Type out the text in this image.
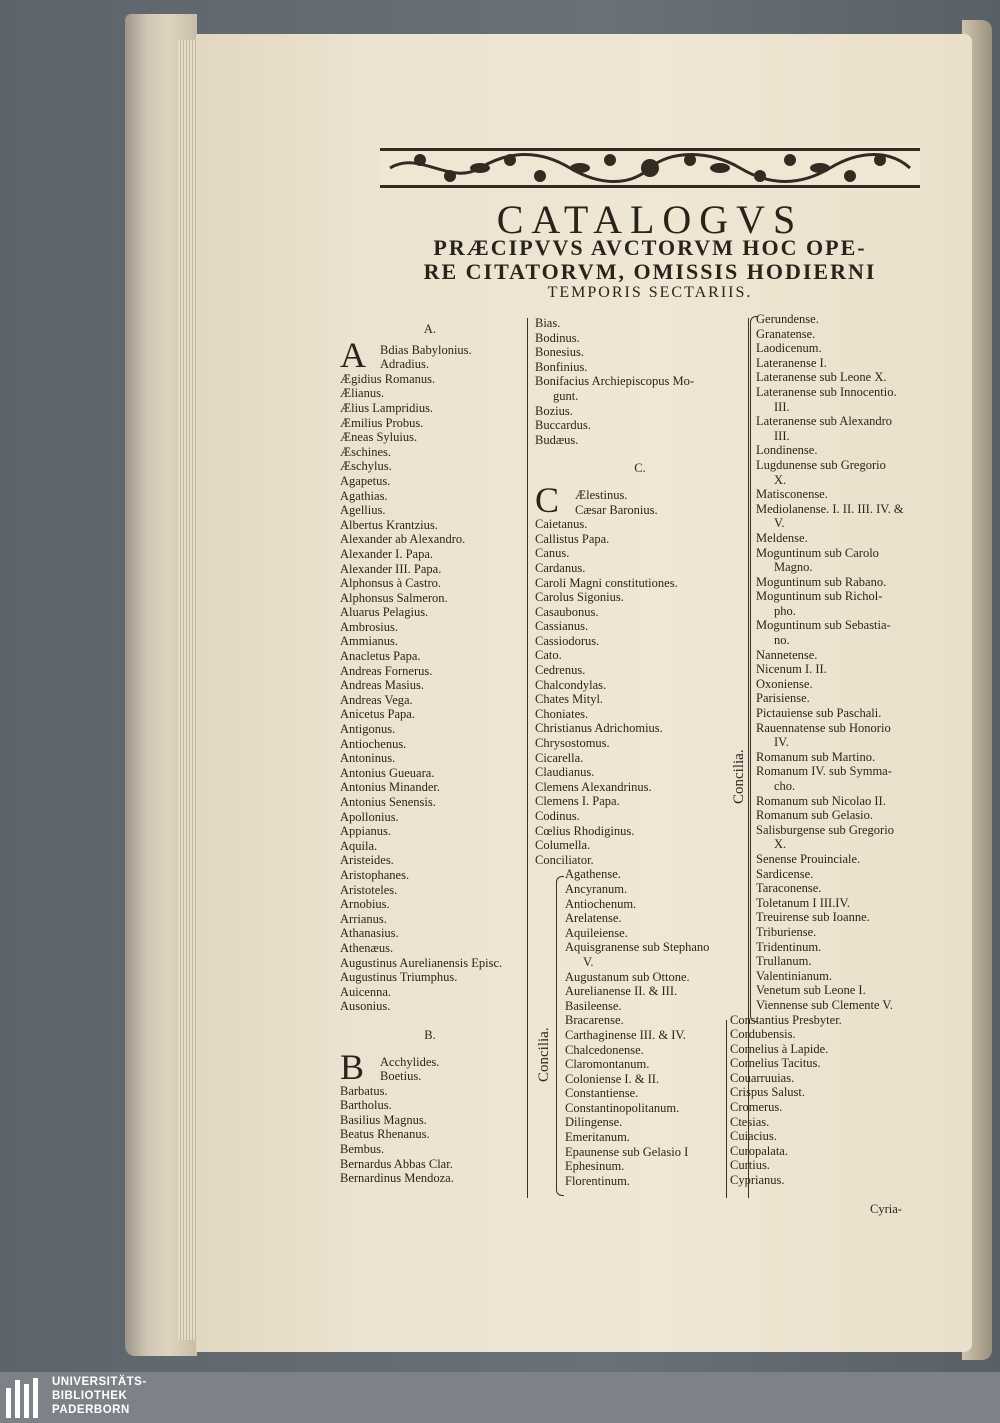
CATALOGVS
PRÆCIPVVS AVCTORVM HOC OPE-
RE CITATORVM, OMISSIS HODIERNI
TEMPORIS SECTARIIS.
A.
A	Bdias Babylonius.
Adradius.
Ægidius Romanus.
Ælianus.
Ælius Lampridius.
Æmilius Probus.
Æneas Syluius.
Æschines.
Æschylus.
Agapetus.
Agathias.
Agellius.
Albertus Krantzius.
Alexander ab Alexandro.
Alexander I. Papa.
Alexander III. Papa.
Alphonsus à Castro.
Alphonsus Salmeron.
Aluarus Pelagius.
Ambrosius.
Ammianus.
Anacletus Papa.
Andreas Fornerus.
Andreas Masius.
Andreas Vega.
Anicetus Papa.
Antigonus.
Antiochenus.
Antoninus.
Antonius Gueuara.
Antonius Minander.
Antonius Senensis.
Apollonius.
Appianus.
Aquila.
Aristeides.
Aristophanes.
Aristoteles.
Arnobius.
Arrianus.
Athanasius.
Athenæus.
Augustinus Aurelianensis Episc.
Augustinus Triumphus.
Auicenna.
Ausonius.
B.
B	Acchylides.
Boetius.
Barbatus.
Bartholus.
Basilius Magnus.
Beatus Rhenanus.
Bembus.
Bernardus Abbas Clar.
Bernardinus Mendoza.
Bias.
Bodinus.
Bonesius.
Bonfinius.
Bonifacius Archiepiscopus Mo-
gunt.
Bozius.
Buccardus.
Budæus.
C.
C	Ælestinus.
Cæsar Baronius.
Caietanus.
Callistus Papa.
Canus.
Cardanus.
Caroli Magni constitutiones.
Carolus Sigonius.
Casaubonus.
Cassianus.
Cassiodorus.
Cato.
Cedrenus.
Chalcondylas.
Chates Mityl.
Choniates.
Christianus Adrichomius.
Chrysostomus.
Cicarella.
Claudianus.
Clemens Alexandrinus.
Clemens I. Papa.
Codinus.
Cœlius Rhodiginus.
Columella.
Conciliator.
Agathense.
Ancyranum.
Antiochenum.
Arelatense.
Aquileiense.
Aquisgranense sub Stephano
V.
Augustanum sub Ottone.
Aurelianense II. & III.
Basileense.
Bracarense.
Carthaginense III. & IV.
Chalcedonense.
Claromontanum.
Coloniense I. & II.
Constantiense.
Constantinopolitanum.
Dilingense.
Emeritanum.
Epaunense sub Gelasio I
Ephesinum.
Florentinum.
Concilia.
Gerundense.
Granatense.
Laodicenum.
Lateranense I.
Lateranense sub Leone X.
Lateranense sub Innocentio.
III.
Lateranense sub Alexandro
III.
Londinense.
Lugdunense sub Gregorio
X.
Matisconense.
Mediolanense. I. II. III. IV. &
V.
Meldense.
Moguntinum sub Carolo
Magno.
Moguntinum sub Rabano.
Moguntinum sub Richol-
pho.
Moguntinum sub Sebastia-
no.
Nannetense.
Nicenum I. II.
Oxoniense.
Parisiense.
Pictauiense sub Paschali.
Rauennatense sub Honorio
IV.
Romanum sub Martino.
Romanum IV. sub Symma-
cho.
Romanum sub Nicolao II.
Romanum sub Gelasio.
Salisburgense sub Gregorio
X.
Senense Prouinciale.
Sardicense.
Taraconense.
Toletanum I III.IV.
Treuirense sub Ioanne.
Triburiense.
Tridentinum.
Trullanum.
Valentinianum.
Venetum sub Leone I.
Viennense sub Clemente V.
Constantius Presbyter.
Cordubensis.
Cornelius à Lapide.
Cornelius Tacitus.
Couarruuias.
Crispus Salust.
Cromerus.
Ctesias.
Cuiacius.
Curopalata.
Curtius.
Cyprianus.
Concilia.
Cyria-
UNIVERSITÄTS-
BIBLIOTHEK
PADERBORN
